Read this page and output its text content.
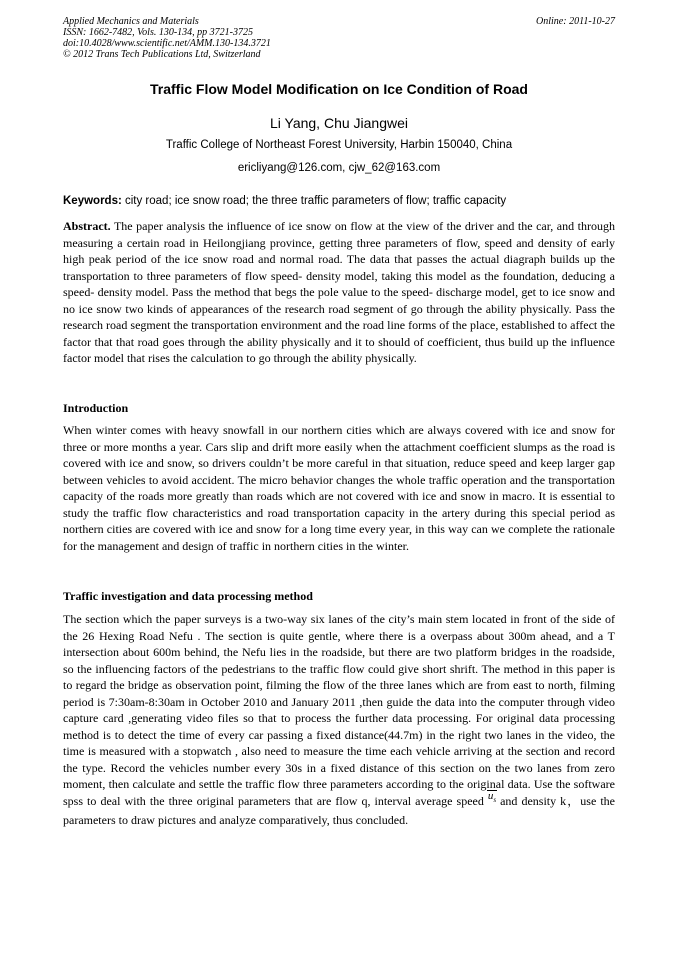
Applied Mechanics and Materials
ISSN: 1662-7482, Vols. 130-134, pp 3721-3725
doi:10.4028/www.scientific.net/AMM.130-134.3721
© 2012 Trans Tech Publications Ltd, Switzerland
Online: 2011-10-27
Traffic Flow Model Modification on Ice Condition of Road
Li Yang, Chu Jiangwei
Traffic College of Northeast Forest University, Harbin 150040, China
ericliyang@126.com, cjw_62@163.com
Keywords: city road; ice snow road; the three traffic parameters of flow; traffic capacity
Abstract. The paper analysis the influence of ice snow on flow at the view of the driver and the car, and through measuring a certain road in Heilongjiang province, getting three parameters of flow, speed and density of early high peak period of the ice snow road and normal road. The data that passes the actual diagraph builds up the transportation to three parameters of flow speed- density model, taking this model as the foundation, deducing a speed- density model. Pass the method that begs the pole value to the speed- discharge model, get to ice snow and no ice snow two kinds of appearances of the research road segment of go through the ability physically. Pass the research road segment the transportation environment and the road line forms of the place, established to affect the factor that that road goes through the ability physically and it to should of coefficient, thus build up the influence factor model that rises the calculation to go through the ability physically.
Introduction
When winter comes with heavy snowfall in our northern cities which are always covered with ice and snow for three or more months a year. Cars slip and drift more easily when the attachment coefficient slumps as the road is covered with ice and snow, so drivers couldn’t be more careful in that situation, reduce speed and keep larger gap between vehicles to avoid accident. The micro behavior changes the whole traffic operation and the transportation capacity of the roads more greatly than roads which are not covered with ice and snow in macro. It is essential to study the traffic flow characteristics and road transportation capacity in the artery during this special period as northern cities are covered with ice and snow for a long time every year, in this way can we complete the rationale for the management and design of traffic in northern cities in the winter.
Traffic investigation and data processing method
The section which the paper surveys is a two-way six lanes of the city’s main stem located in front of the side of the 26 Hexing Road Nefu . The section is quite gentle, where there is a overpass about 300m ahead, and a T intersection about 600m behind, the Nefu lies in the roadside, but there are two platform bridges in the roadside, so the influencing factors of the pedestrians to the traffic flow could give short shrift. The method in this paper is to regard the bridge as observation point, filming the flow of the three lanes which are from east to north, filming period is 7:30am-8:30am in October 2010 and January 2011 ,then guide the data into the computer through video capture card ,generating video files so that to process the further data processing. For original data processing method is to detect the time of every car passing a fixed distance(44.7m) in the right two lanes in the video, the time is measured with a stopwatch , also need to measure the time each vehicle arriving at the section and record the type. Record the vehicles number every 30s in a fixed distance of this section on the two lanes from zero moment, then calculate and settle the traffic flow three parameters according to the original data. Use the software spss to deal with the three original parameters that are flow q, interval average speed $u_s$ and density k，use the parameters to draw pictures and analyze comparatively, thus concluded.
